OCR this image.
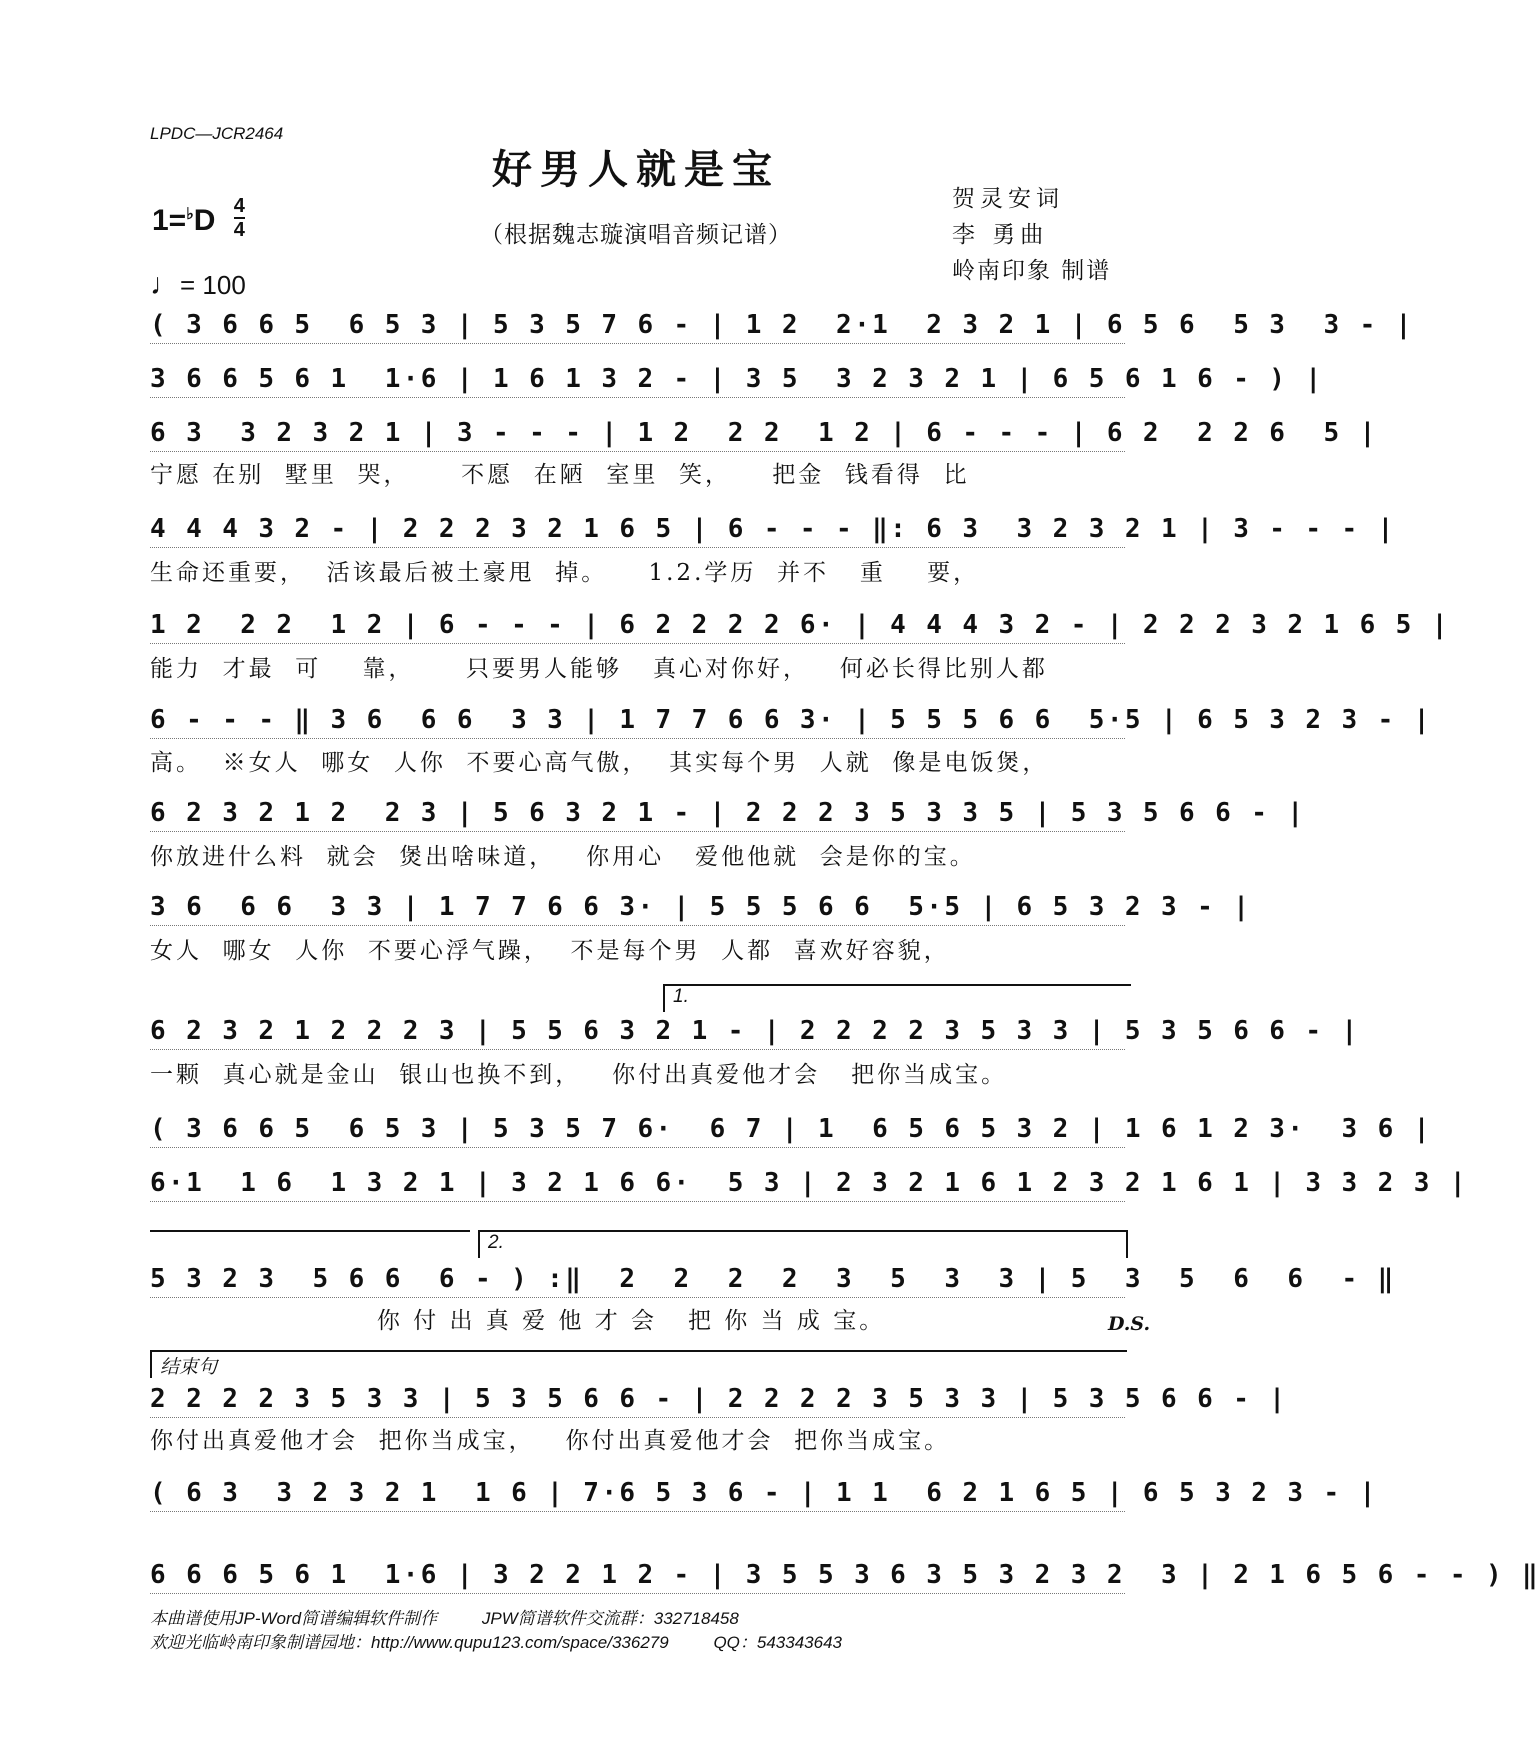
LPDC—JCR2464
好男人就是宝
（根据魏志璇演唱音频记谱）
贺灵安词
李 勇曲
岭南印象 制谱
$1=^♭D \frac{4}{4}$
♩= 100
( 3 6 6 5  6 5 3 | 5 3 5 7 6 - | 1 2  2·1  2 3 2 1 | 6 5 6  5 3  3 - |
3 6 6 5 6 1  1·6 | 1 6 1 3 2 - | 3 5  3 2 3 2 1 | 6 5 6 1 6 - ) |
6 3  3 2 3 2 1 | 3 - - - | 1 2  2 2  1 2 | 6 - - - | 6 2  2 2 6  5 |
宁愿 在别  墅里  哭，     不愿  在陋  室里  笑，    把金  钱看得  比
4 4 4 3 2 - | 2 2 2 3 2 1 6 5 | 6 - - - ‖: 6 3  3 2 3 2 1 | 3 - - - |
生命还重要，  活该最后被土豪甩  掉。    1.2.学历  并不   重    要，
1 2  2 2  1 2 | 6 - - - | 6 2 2 2 2 6· | 4 4 4 3 2 - | 2 2 2 3 2 1 6 5 |
能力  才最  可    靠，     只要男人能够   真心对你好，   何必长得比别人都
6 - - - ‖ 3 6  6 6  3 3 | 1 7 7 6 6 3· | 5 5 5 6 6  5·5 | 6 5 3 2 3 - |
高。  ※女人  哪女  人你  不要心高气傲，  其实每个男  人就  像是电饭煲，
6 2 3 2 1 2  2 3 | 5 6 3 2 1 - | 2 2 2 3 5 3 3 5 | 5 3 5 6 6 - |
你放进什么料  就会  煲出啥味道，   你用心   爱他他就  会是你的宝。
3 6  6 6  3 3 | 1 7 7 6 6 3· | 5 5 5 6 6  5·5 | 6 5 3 2 3 - |
女人  哪女  人你  不要心浮气躁，  不是每个男  人都  喜欢好容貌，
1.
6 2 3 2 1 2 2 2 3 | 5 5 6 3 2 1 - | 2 2 2 2 3 5 3 3 | 5 3 5 6 6 - |
一颗  真心就是金山  银山也换不到，   你付出真爱他才会   把你当成宝。
( 3 6 6 5  6 5 3 | 5 3 5 7 6·  6 7 | 1  6 5 6 5 3 2 | 1 6 1 2 3·  3 6 |
6·1  1 6  1 3 2 1 | 3 2 1 6 6·  5 3 | 2 3 2 1 6 1 2 3 2 1 6 1 | 3 3 2 3 |
2.
5 3 2 3  5 6 6  6 - ) :‖  2  2  2  2  3  5  3  3 | 5  3  5  6  6  - ‖
你 付 出 真 爱 他 才 会   把 你 当 成 宝。	D.S.
结束句
2 2 2 2 3 5 3 3 | 5 3 5 6 6 - | 2 2 2 2 3 5 3 3 | 5 3 5 6 6 - |
你付出真爱他才会  把你当成宝，   你付出真爱他才会  把你当成宝。
( 6 3  3 2 3 2 1  1 6 | 7·6 5 3 6 - | 1 1  6 2 1 6 5 | 6 5 3 2 3 - |
6 6 6 5 6 1  1·6 | 3 2 2 1 2 - | 3 5 5 3 6 3 5 3 2 3 2  3 | 2 1 6 5 6 - - ) ‖
本曲谱使用JP-Word简谱编辑软件制作	JPW简谱软件交流群：332718458
欢迎光临岭南印象制谱园地：http://www.qupu123.com/space/336279	QQ：543343643
